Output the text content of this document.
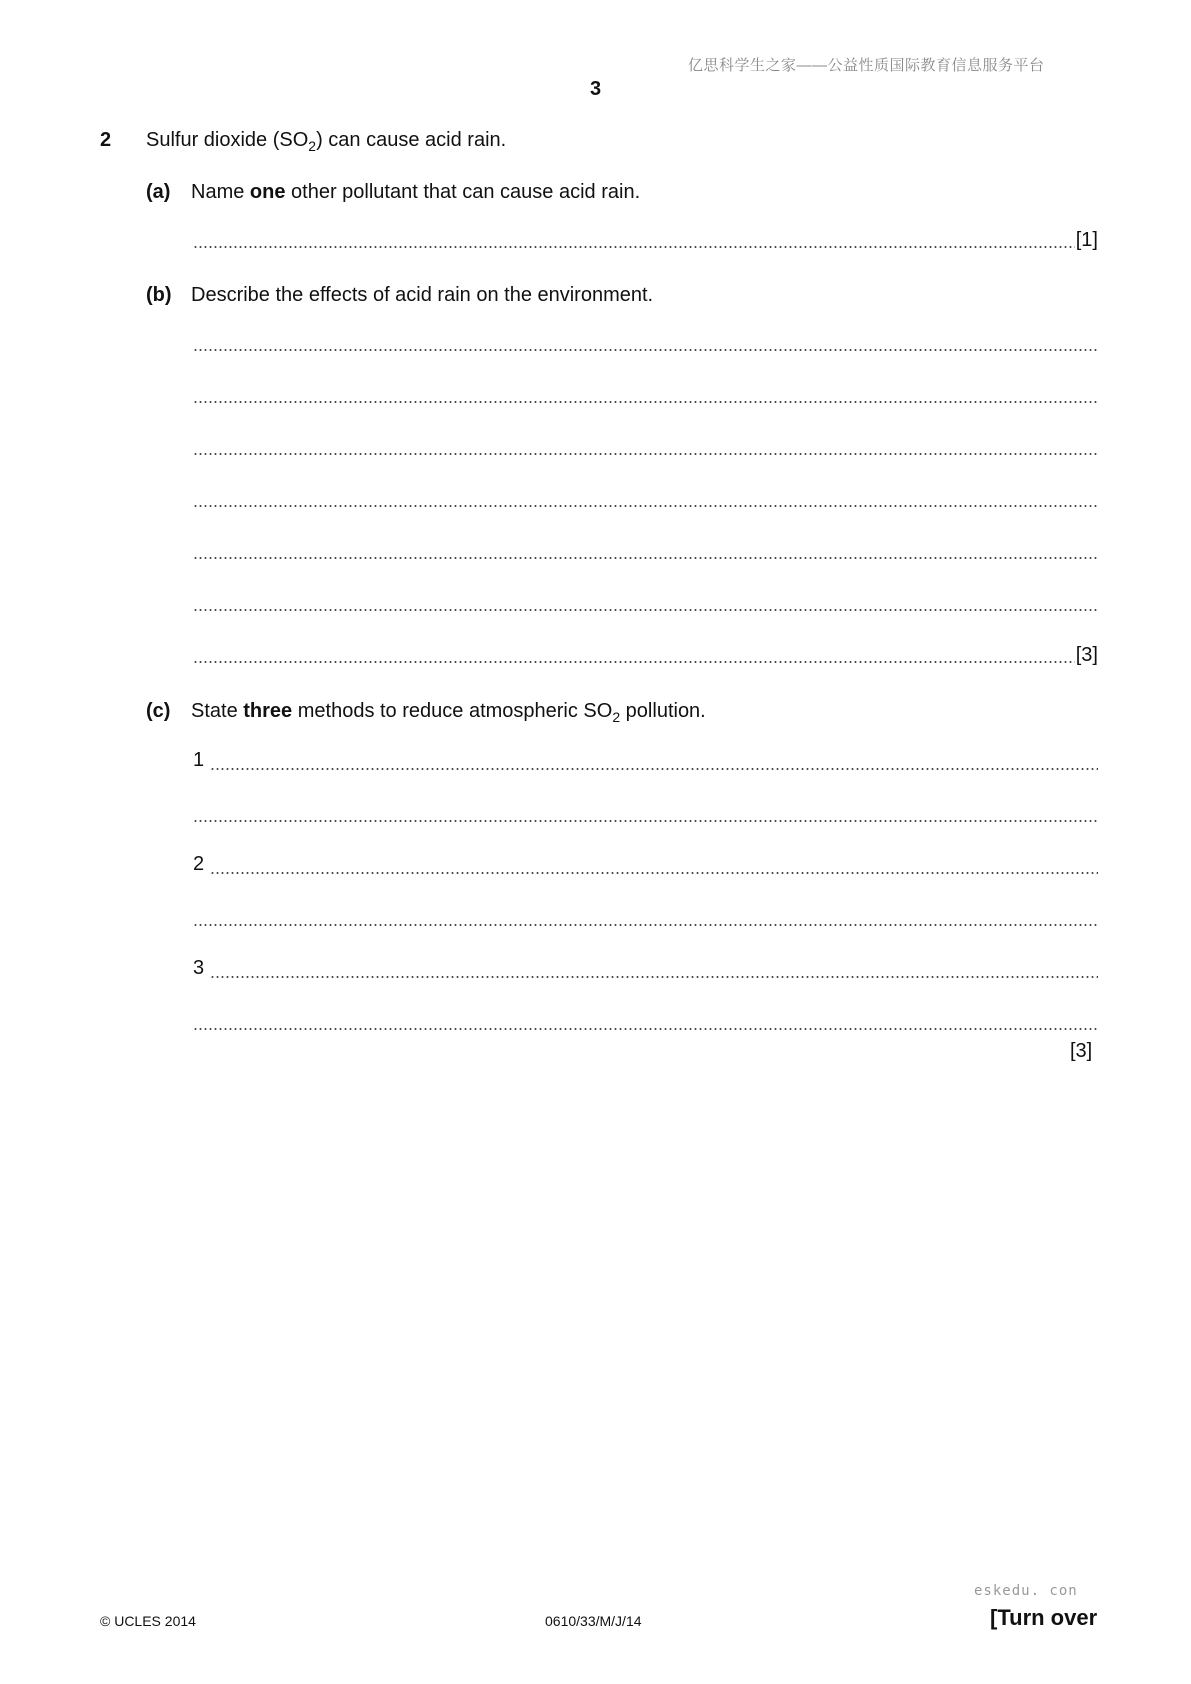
亿思科学生之家——公益性质国际教育信息服务平台
3
2 Sulfur dioxide $(SO_2)$ can cause acid rain.
(a) Name one other pollutant that can cause acid rain.
[1]
(b) Describe the effects of acid rain on the environment.
[3]
(c) State three methods to reduce atmospheric $SO_2$ pollution.
1
2
3
[3]
© UCLES 2014	0610/33/M/J/14
eskedu. con
[Turn over
